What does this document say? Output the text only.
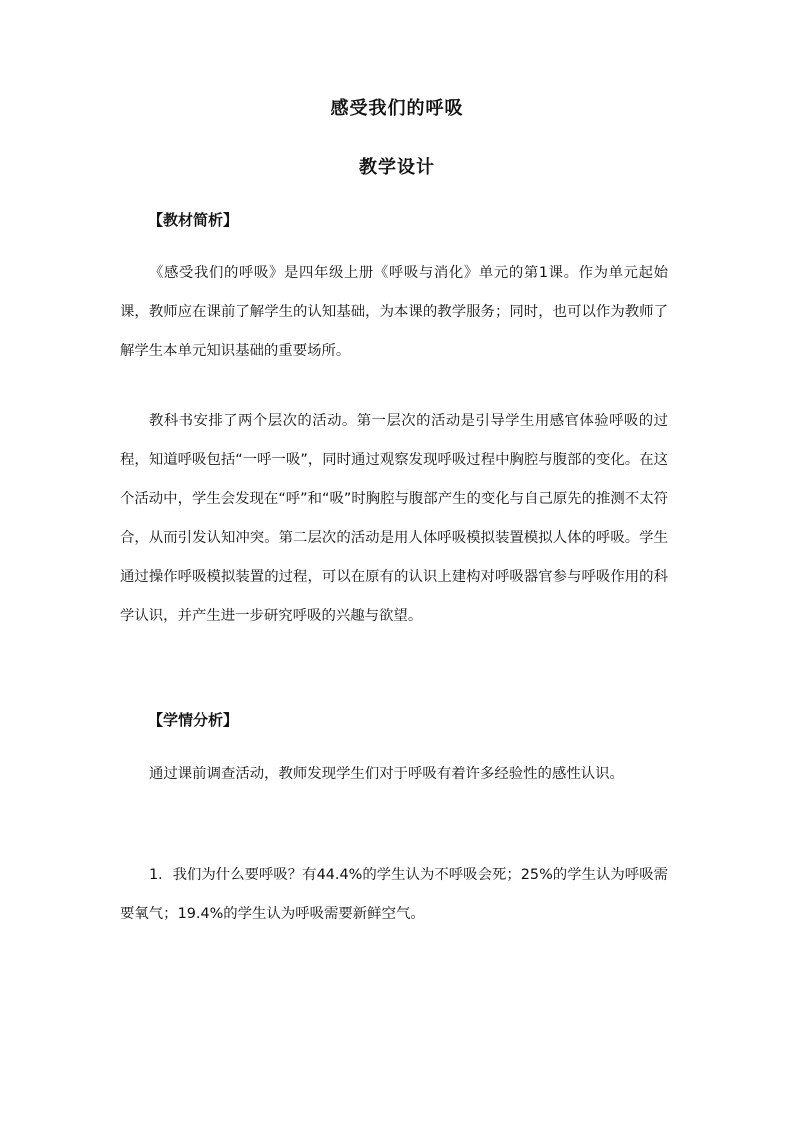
感受我们的呼吸
教学设计
【教材简析】

《感受我们的呼吸》是四年级上册《呼吸与消化》单元的第1课。作为单元起始课，教师应在课前了解学生的认知基础，为本课的教学服务；同时，也可以作为教师了解学生本单元知识基础的重要场所。

教科书安排了两个层次的活动。第一层次的活动是引导学生用感官体验呼吸的过程，知道呼吸包括“一呼一吸”，同时通过观察发现呼吸过程中胸腔与腹部的变化。在这个活动中，学生会发现在“呼”和“吸”时胸腔与腹部产生的变化与自己原先的推测不太符合，从而引发认知冲突。第二层次的活动是用人体呼吸模拟装置模拟人体的呼吸。学生通过操作呼吸模拟装置的过程，可以在原有的认识上建构对呼吸器官参与呼吸作用的科学认识，并产生进一步研究呼吸的兴趣与欲望。

【学情分析】

通过课前调查活动，教师发现学生们对于呼吸有着许多经验性的感性认识。

1．我们为什么要呼吸？有44.4%的学生认为不呼吸会死；25%的学生认为呼吸需要氧气；19.4%的学生认为呼吸需要新鲜空气。
